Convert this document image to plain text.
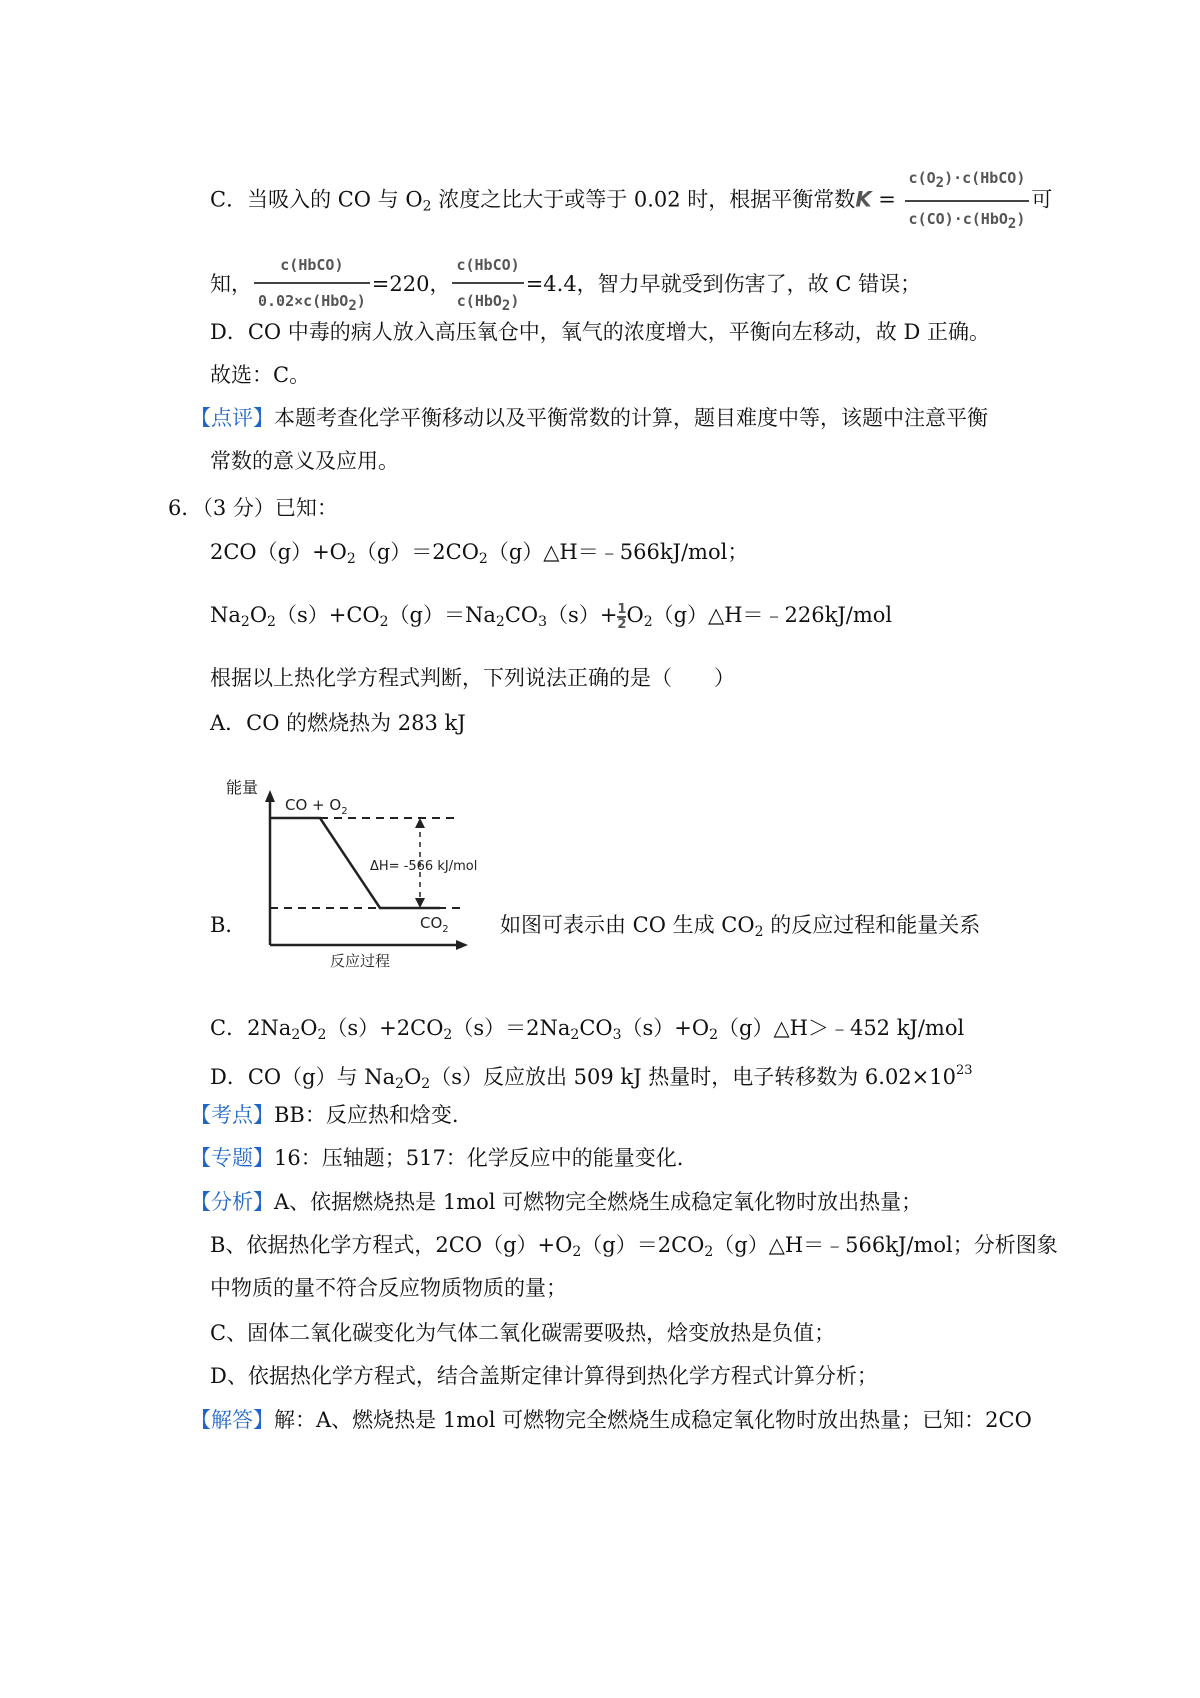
C．当吸入的 CO 与 $O_2$ 浓度之比大于或等于 0.02 时，根据平衡常数$K = \frac{\text{c(O2)·c(HbCO)}}{\text{c(CO)·c(HbO2)}}$ 可
知， $\frac{\text{c(HbCO)}}{\text{0.02×c(HbO2)}} =220$， $\frac{\text{c(HbCO)}}{\text{c(HbO2)}} =4.4$，智力早就受到伤害了，故 C 错误；
D．CO 中毒的病人放入高压氧仓中，氧气的浓度增大，平衡向左移动，故 D 正确。
故选：C。
【点评】本题考查化学平衡移动以及平衡常数的计算，题目难度中等，该题中注意平衡
常数的意义及应用。
6．（3 分）已知：
$2CO(g)+O_2(g)=2CO_2(g)\triangle H=﹣566kJ$/mol；
$Na_2O_2(s)+CO_2(g)=Na_2CO_3(s)+ \frac{1}{2}$ $O_2(g)\triangle H=﹣226kJ$/mol
根据以上热化学方程式判断，下列说法正确的是（　　）
A．CO 的燃烧热为 283 kJ
CO + $O_2$
ΔH= -566 kJ/mol
$CO_2$
反应过程
能量
B．	如图可表示由 CO 生成 $CO_2$ 的反应过程和能量关系
C．$2Na_2O_2(s)+2CO_2(s)=2Na_2CO_3(s)+O_2(g)\triangle H>﹣452$ kJ/mol
D．CO（g）与 $Na_2O_2(s)$反应放出 509 kJ 热量时，电子转移数为 $6.02\times 10^{23}$
【考点】BB：反应热和焓变.
【专题】16：压轴题；517：化学反应中的能量变化.
【分析】A、依据燃烧热是 1mol 可燃物完全燃烧生成稳定氧化物时放出热量；
B、依据热化学方程式，$2CO(g)+O_2(g)=2CO_2(g)\triangle H=﹣566kJ$/mol；分析图象
中物质的量不符合反应物质物质的量；
C、固体二氧化碳变化为气体二氧化碳需要吸热，焓变放热是负值；
D、依据热化学方程式，结合盖斯定律计算得到热化学方程式计算分析；
【解答】解：A、燃烧热是 1mol 可燃物完全燃烧生成稳定氧化物时放出热量；已知：2CO
